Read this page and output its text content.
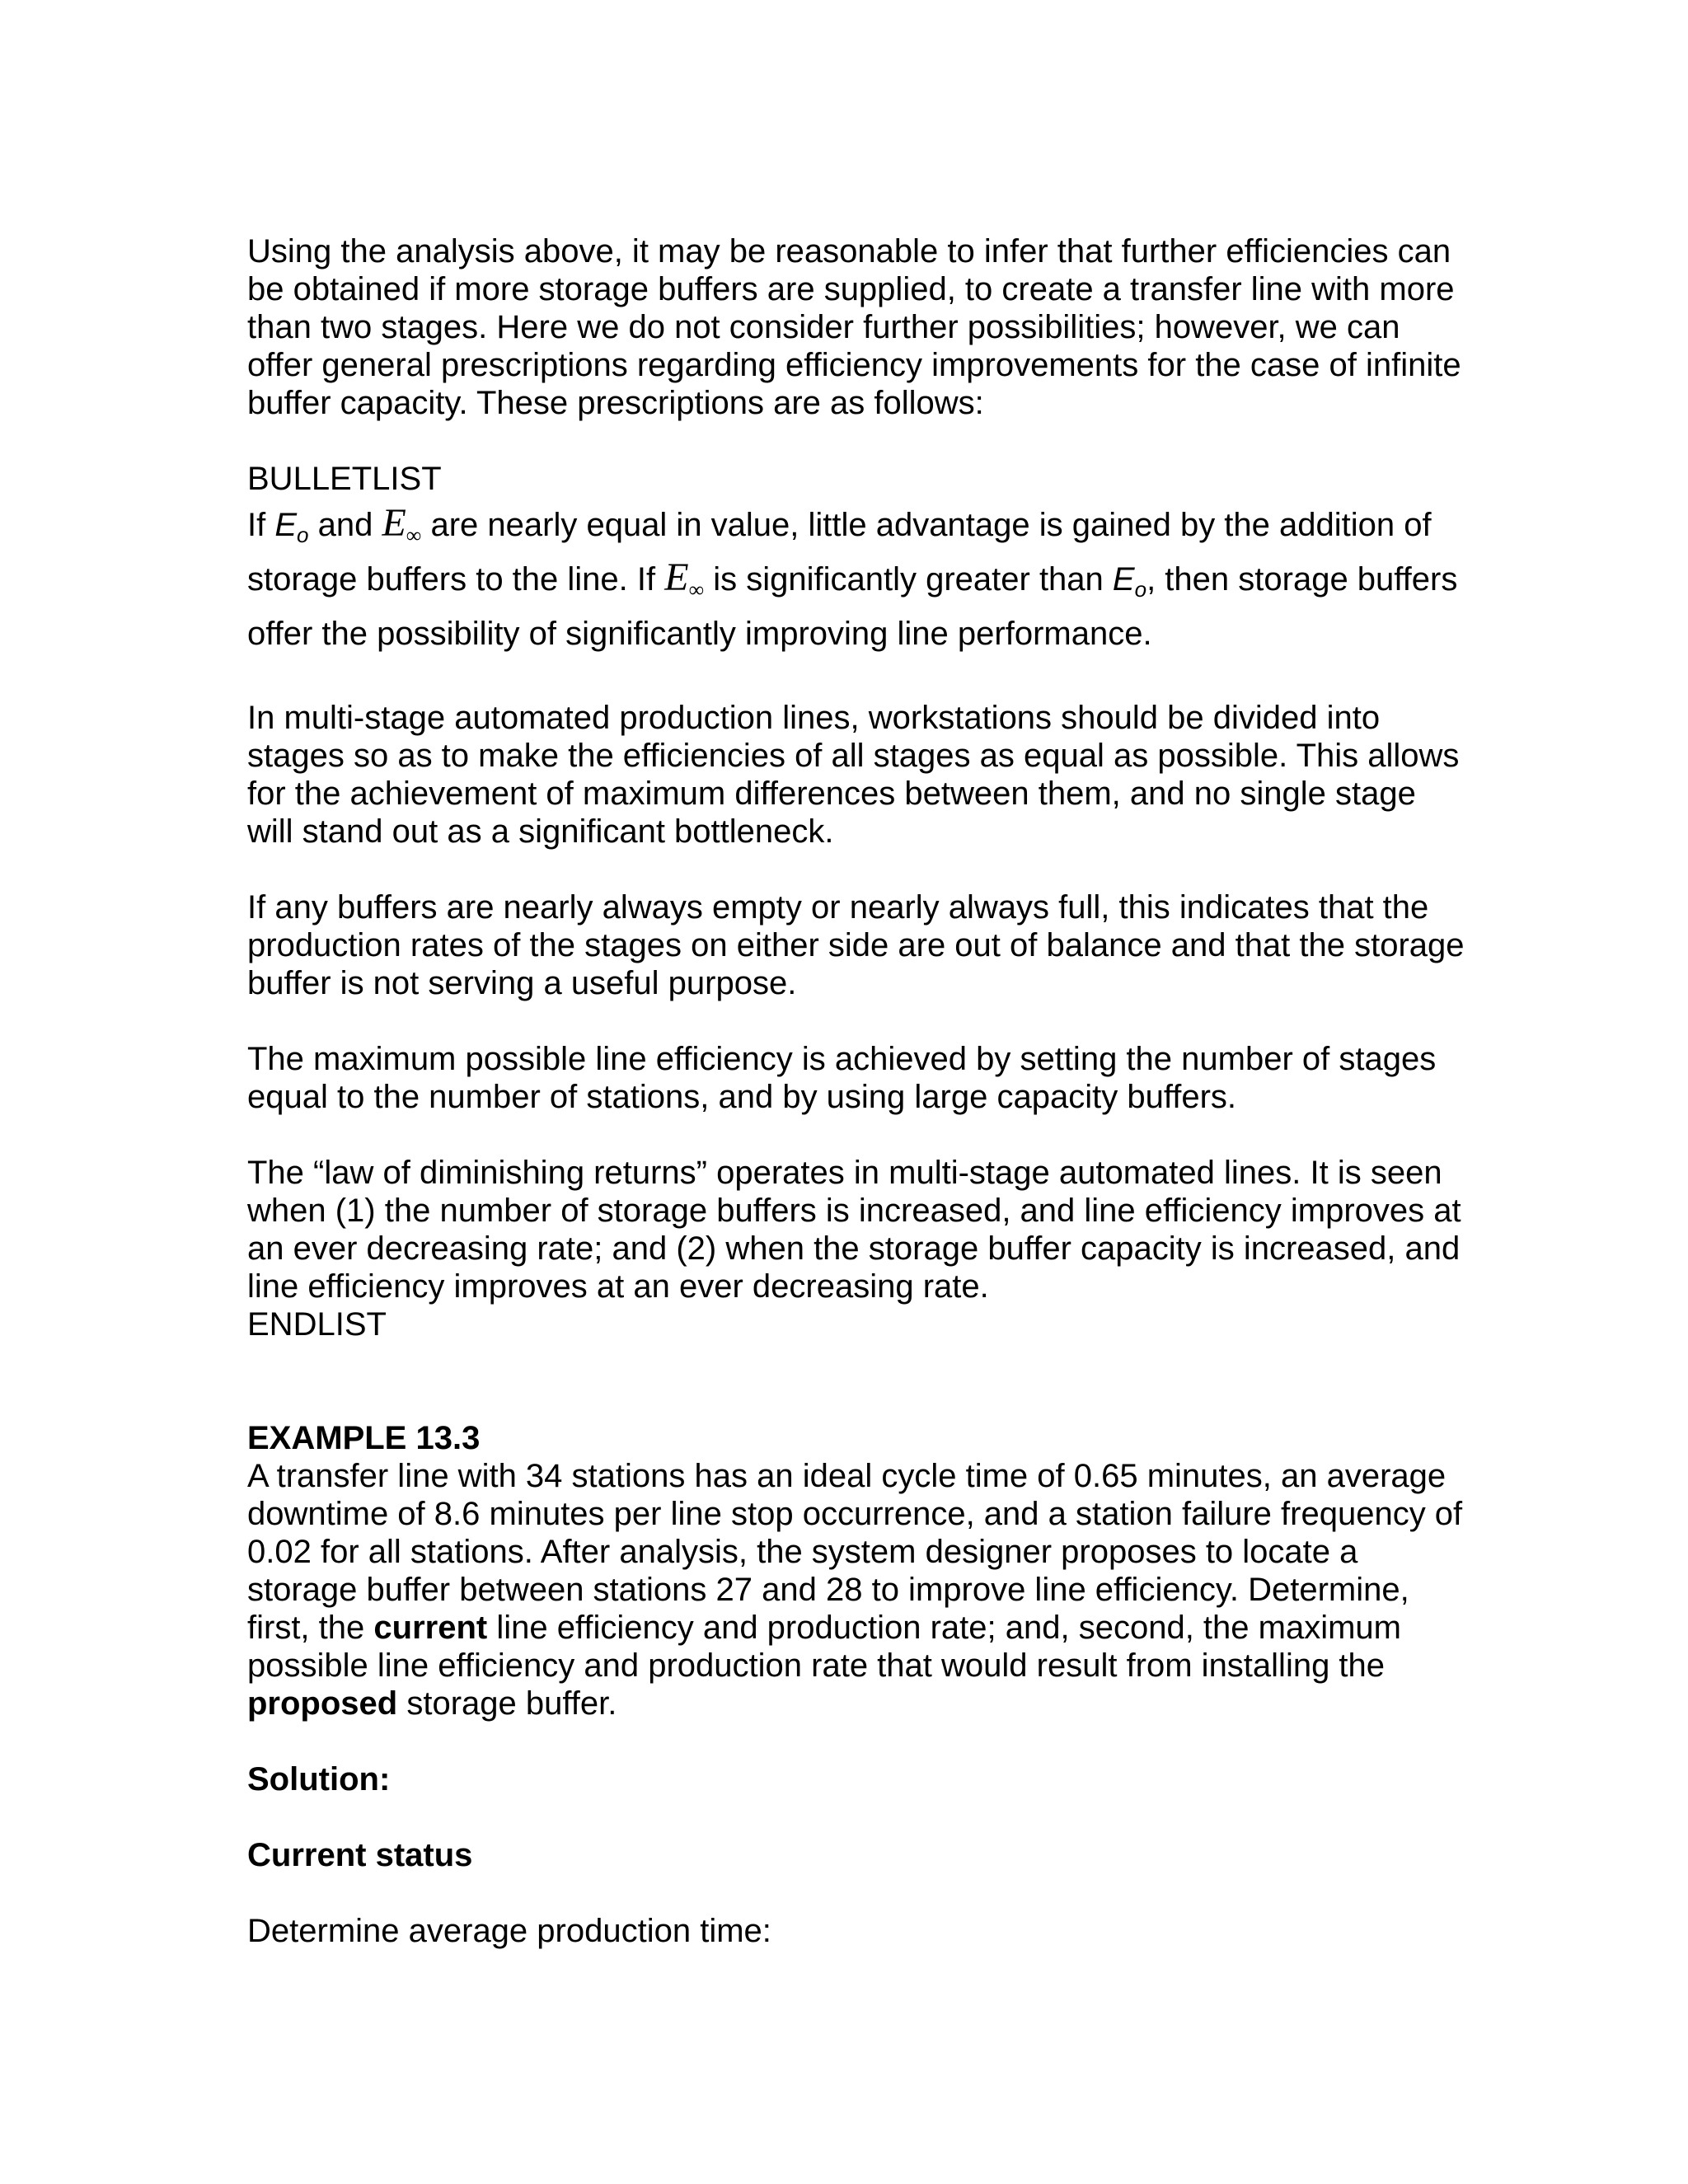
Using the analysis above, it may be reasonable to infer that further efficiencies can be obtained if more storage buffers are supplied, to create a transfer line with more than two stages. Here we do not consider further possibilities; however, we can offer general prescriptions regarding efficiency improvements for the case of infinite buffer capacity. These prescriptions are as follows:

BULLETLIST

If $E_o$ and E∞ are nearly equal in value, little advantage is gained by the addition of storage buffers to the line. If E∞ is significantly greater than $E_o$, then storage buffers offer the possibility of significantly improving line performance.

In multi-stage automated production lines, workstations should be divided into stages so as to make the efficiencies of all stages as equal as possible. This allows for the achievement of maximum differences between them, and no single stage will stand out as a significant bottleneck.

If any buffers are nearly always empty or nearly always full, this indicates that the production rates of the stages on either side are out of balance and that the storage buffer is not serving a useful purpose.

The maximum possible line efficiency is achieved by setting the number of stages equal to the number of stations, and by using large capacity buffers.

The “law of diminishing returns” operates in multi-stage automated lines. It is seen when (1) the number of storage buffers is increased, and line efficiency improves at an ever decreasing rate; and (2) when the storage buffer capacity is increased, and line efficiency improves at an ever decreasing rate.

ENDLIST

EXAMPLE 13.3

A transfer line with 34 stations has an ideal cycle time of 0.65 minutes, an average downtime of 8.6 minutes per line stop occurrence, and a station failure frequency of 0.02 for all stations. After analysis, the system designer proposes to locate a storage buffer between stations 27 and 28 to improve line efficiency. Determine, first, the current line efficiency and production rate; and, second, the maximum possible line efficiency and production rate that would result from installing the proposed storage buffer.

Solution:

Current status

Determine average production time:
